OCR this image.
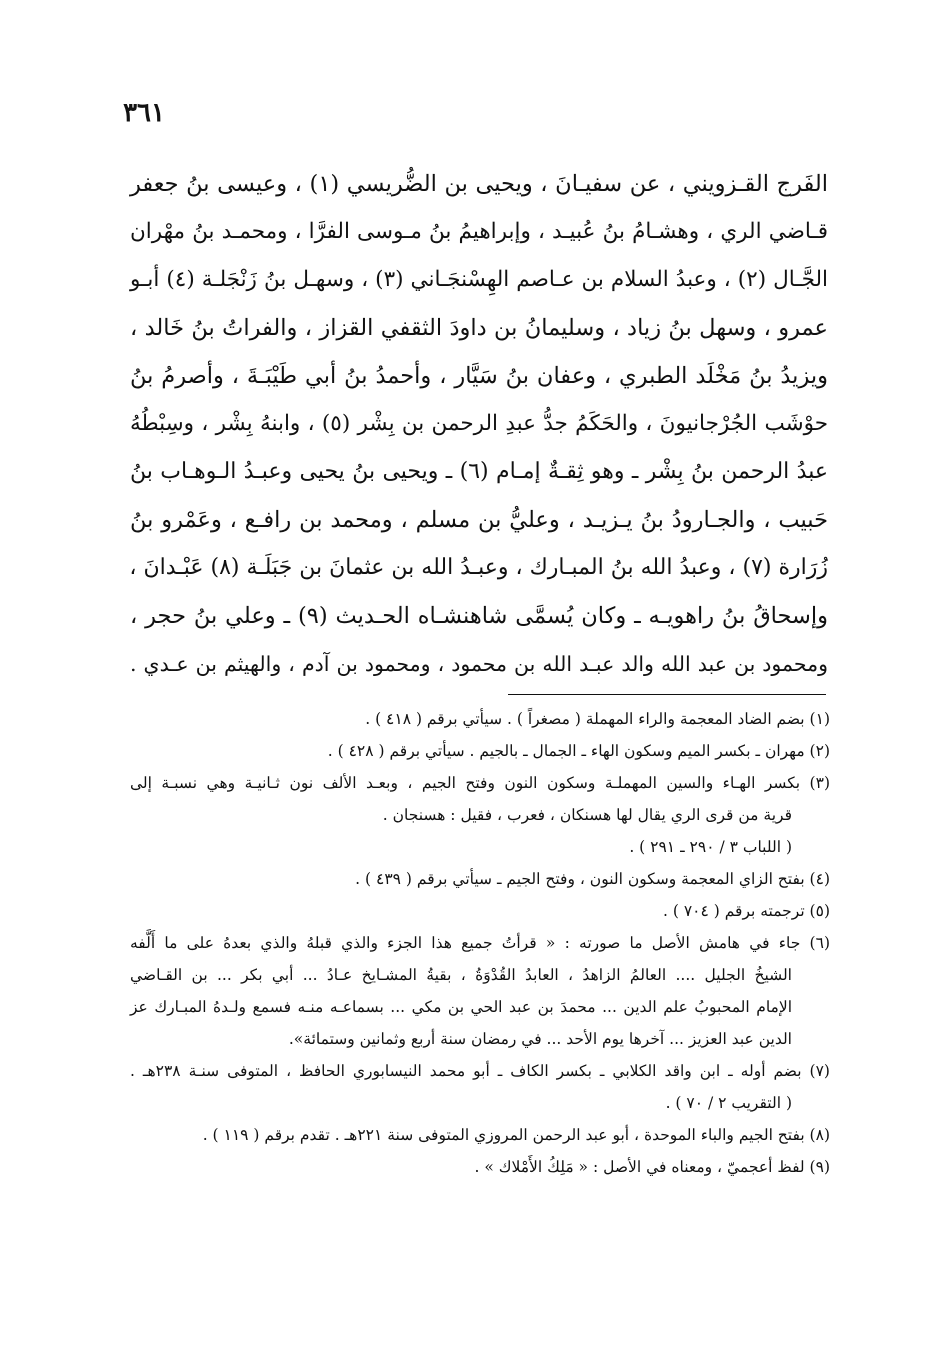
٣٦١
الفَرج القـزويني ، عن سفيـانَ ، ويحيى بن الضُّريسي (١) ، وعيسى بنُ جعفر
قـاضي الري ، وهشـامُ بنُ عُبيـد ، وإبراهيمُ بنُ مـوسى الفرَّا ، ومحمـد بنُ مهْران
الجَّـال (٢) ، وعبدُ السلام بن عـاصم الهِسْنجَـاني (٣) ، وسهـل بنُ زَنْجَلـة (٤) أبـو
عمرو ، وسهل بنُ زياد ، وسليمانُ بن داودَ الثقفي القزاز ، والفراتُ بنُ خَالد ،
ويزيدُ بنُ مَخْلَد الطبري ، وعفان بنُ سَيَّار ، وأحمدُ بنُ أبي طَيْبَـةَ ، وأصرمُ بنُ
حوْشَب الجُرْجانيونَ ، والحَكَمُ جدُّ عبدِ الرحمن بن بِشْر (٥) ، وابنهُ بِشْر ، وسِبْطُهُ
عبدُ الرحمن بنُ بِشْر ـ وهو ثِقـةٌ إمـام (٦) ـ ويحيى بنُ يحيى وعبـدُ الـوهـاب بنُ
حَبيب ، والجـارودُ بنُ يـزيـد ، وعليُّ بن مسلم ، ومحمد بن رافـع ، وعَمْرو بنُ
زُرَارة (٧) ، وعبدُ الله بنُ المبـارك ، وعبـدُ الله بن عثمانَ بن جَبَلَـة (٨) عَبْـدانَ ،
وإسحاقُ بنُ راهويـه ـ وكان يُسمَّى شاهنشـاه الحـديث (٩) ـ وعلي بنُ حجر ،
ومحمود بن عبد الله والد عبـد الله بن محمود ، ومحمود بن آدم ، والهيثم بن عـدي .
(١) بضم الضاد المعجمة والراء المهملة ( مصغراً ) . سيأتي برقم ( ٤١٨ ) .
(٢) مهران ـ بكسر الميم وسكون الهاء ـ الجمال ـ بالجيم . سيأتي برقم ( ٤٢٨ ) .
(٣) بكسر الهـاء والسين المهملـة وسكون النون وفتح الجيم ، وبعـد الألف نون ثـانيـة وهي نسبـة إلى
قرية من قرى الري يقال لها هسنكان ، فعرب ، فقيل : هسنجان .
( اللباب ٣ / ٢٩٠ ـ ٢٩١ ) .
(٤) بفتح الزاي المعجمة وسكون النون ، وفتح الجيم ـ سيأتي برقم ( ٤٣٩ ) .
(٥) ترجمته برقم ( ٧٠٤ ) .
(٦) جاء في هامش الأصل ما صورته : « قرأتُ جميع هذا الجزء والذي قبلهُ والذي بعدهُ على ما أَلَّفه
الشيخُ الجليل .... العالمُ الزاهدُ ، العابدُ القُدْوَةُ ، بقيةُ المشـايخ عـادُ ... أبي بكر ... بن القـاضي
الإمام المحبوبُ علم الدين ... محمدَ بن عبد الحي بن مكي ... بسماعـه منـه فسمع ولـدهُ المبـارك عز
الدين عبد العزيز ... آخرها يوم الأحد ... في رمضان سنة أربع وثمانين وستمائة».
(٧) بضم أوله ـ ابن واقد الكلابي ـ بكسر الكاف ـ أبو محمد النيسابوري الحافظ ، المتوفى سنـة ٢٣٨هـ .
( التقريب ٢ / ٧٠ ) .
(٨) بفتح الجيم والباء الموحدة ، أبو عبد الرحمن المروزي المتوفى سنة ٢٢١هـ . تقدم برقم ( ١١٩ ) .
(٩) لفظ أعجميّ ، ومعناه في الأصل : « مَلِكُ الأَمْلاك » .
